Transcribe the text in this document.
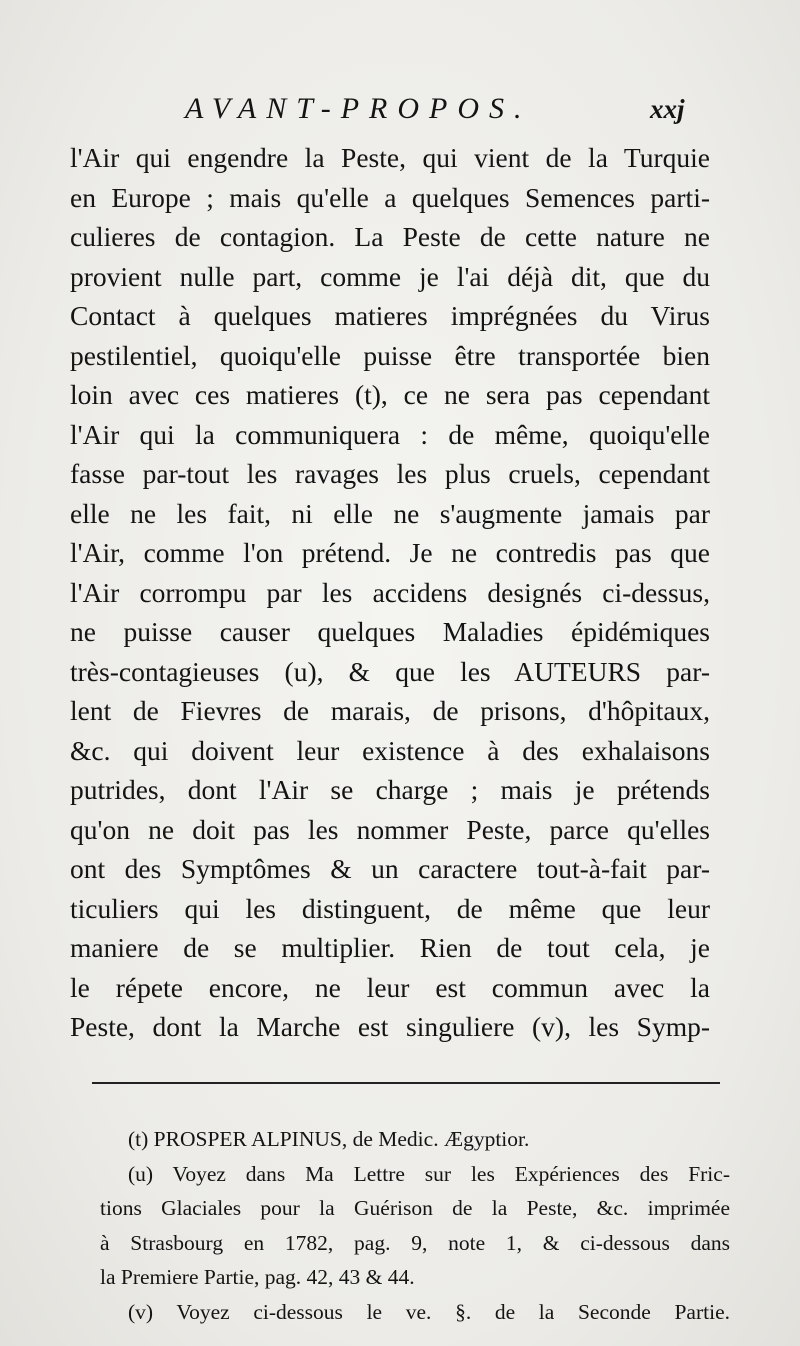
AVANT-PROPOS.	xxj
l'Air qui engendre la Peste, qui vient de la Turquie
en Europe ; mais qu'elle a quelques Semences parti-
culieres de contagion. La Peste de cette nature ne
provient nulle part, comme je l'ai déjà dit, que du
Contact à quelques matieres imprégnées du Virus
pestilentiel, quoiqu'elle puisse être transportée bien
loin avec ces matieres (t), ce ne sera pas cependant
l'Air qui la communiquera : de même, quoiqu'elle
fasse par-tout les ravages les plus cruels, cependant
elle ne les fait, ni elle ne s'augmente jamais par
l'Air, comme l'on prétend. Je ne contredis pas que
l'Air corrompu par les accidens designés ci-dessus,
ne puisse causer quelques Maladies épidémiques
très-contagieuses (u), & que les AUTEURS par-
lent de Fievres de marais, de prisons, d'hôpitaux,
&c. qui doivent leur existence à des exhalaisons
putrides, dont l'Air se charge ; mais je prétends
qu'on ne doit pas les nommer Peste, parce qu'elles
ont des Symptômes & un caractere tout-à-fait par-
ticuliers qui les distinguent, de même que leur
maniere de se multiplier. Rien de tout cela, je
le répete encore, ne leur est commun avec la
Peste, dont la Marche est singuliere (v), les Symp-
(t) PROSPER ALPINUS, de Medic. Ægyptior.
(u) Voyez dans Ma Lettre sur les Expériences des Fric-
tions Glaciales pour la Guérison de la Peste, &c. imprimée
à Strasbourg en 1782, pag. 9, note 1, & ci-dessous dans
la Premiere Partie, pag. 42, 43 & 44.
(v) Voyez ci-dessous le ve. §. de la Seconde Partie.
